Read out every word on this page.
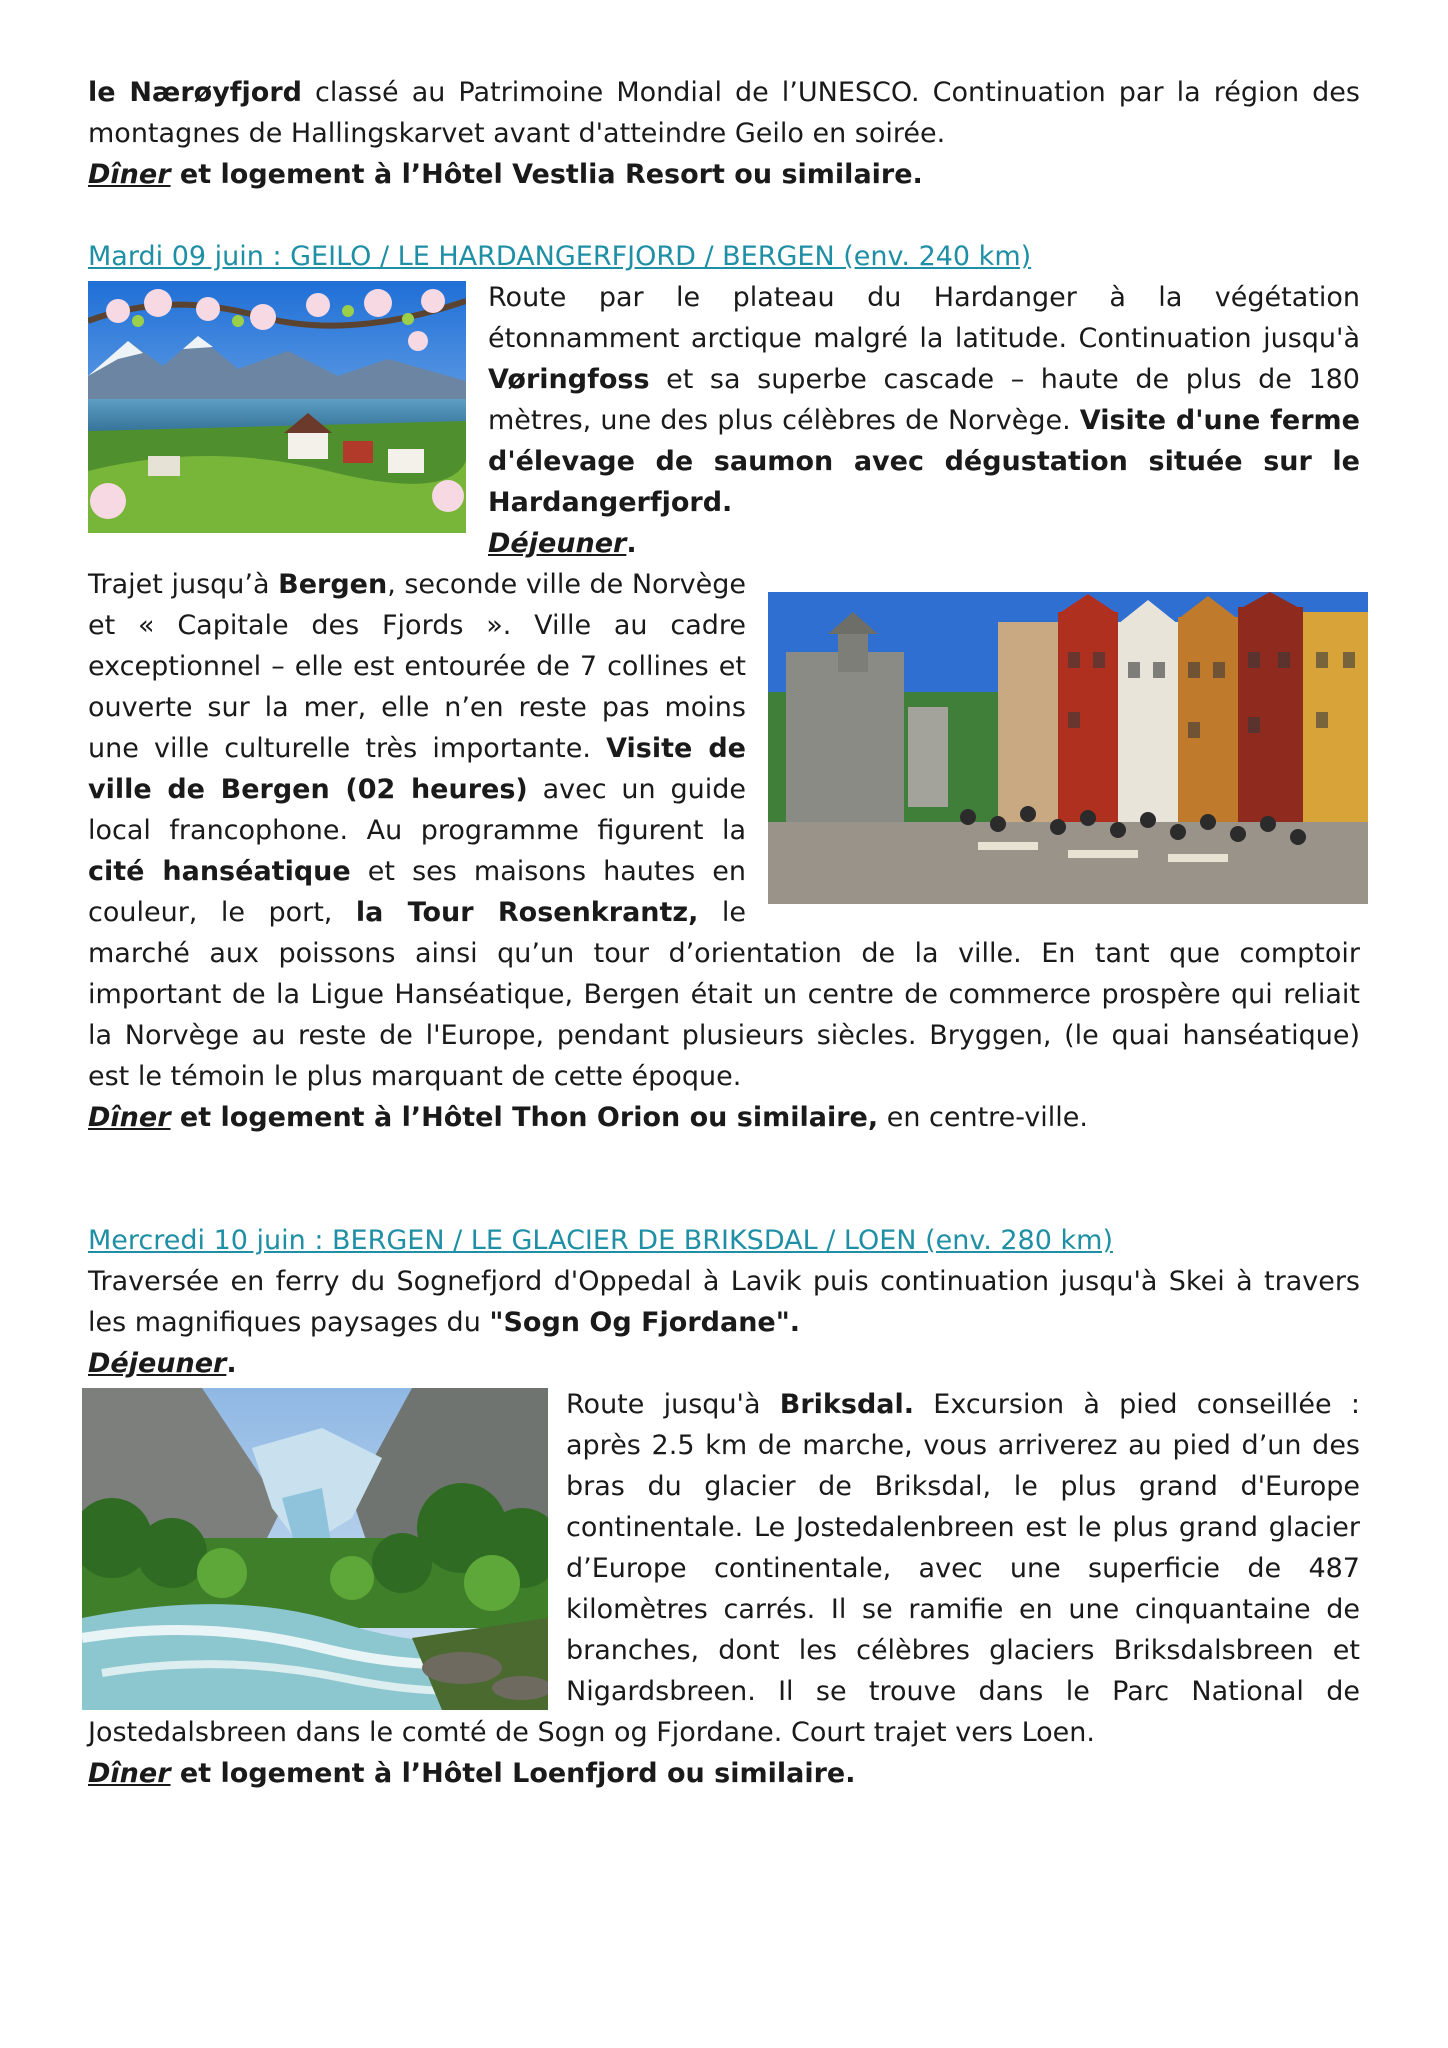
le Nærøyfjord classé au Patrimoine Mondial de l’UNESCO. Continuation par la région des montagnes de Hallingskarvet avant d'atteindre Geilo en soirée.

Dîner et logement à l’Hôtel Vestlia Resort ou similaire.

Mardi 09 juin : GEILO / LE HARDANGERFJORD / BERGEN (env. 240 km)

Route par le plateau du Hardanger à la végétation étonnamment arctique malgré la latitude. Continuation jusqu'à Vøringfoss et sa superbe cascade – haute de plus de 180 mètres, une des plus célèbres de Norvège. Visite d'une ferme d'élevage de saumon avec dégustation située sur le Hardangerfjord.

Déjeuner.

Trajet jusqu’à Bergen, seconde ville de Norvège et « Capitale des Fjords ». Ville au cadre exceptionnel – elle est entourée de 7 collines et ouverte sur la mer, elle n’en reste pas moins une ville culturelle très importante. Visite de ville de Bergen (02 heures) avec un guide local francophone. Au programme figurent la cité hanséatique et ses maisons hautes en couleur, le port, la Tour Rosenkrantz, le marché aux poissons ainsi qu’un tour d’orientation de la ville. En tant que comptoir important de la Ligue Hanséatique, Bergen était un centre de commerce prospère qui reliait la Norvège au reste de l'Europe, pendant plusieurs siècles. Bryggen, (le quai hanséatique) est le témoin le plus marquant de cette époque.

Dîner et logement à l’Hôtel Thon Orion ou similaire, en centre-ville.

Mercredi 10 juin : BERGEN / LE GLACIER DE BRIKSDAL / LOEN (env. 280 km)

Traversée en ferry du Sognefjord d'Oppedal à Lavik puis continuation jusqu'à Skei à travers les magnifiques paysages du "Sogn Og Fjordane".

Déjeuner.

Route jusqu'à Briksdal. Excursion à pied conseillée : après 2.5 km de marche, vous arriverez au pied d’un des bras du glacier de Briksdal, le plus grand d'Europe continentale. Le Jostedalenbreen est le plus grand glacier d’Europe continentale, avec une superficie de 487 kilomètres carrés. Il se ramifie en une cinquantaine de branches, dont les célèbres glaciers Briksdalsbreen et Nigardsbreen. Il se trouve dans le Parc National de Jostedalsbreen dans le comté de Sogn og Fjordane. Court trajet vers Loen.

Dîner et logement à l’Hôtel Loenfjord ou similaire.
